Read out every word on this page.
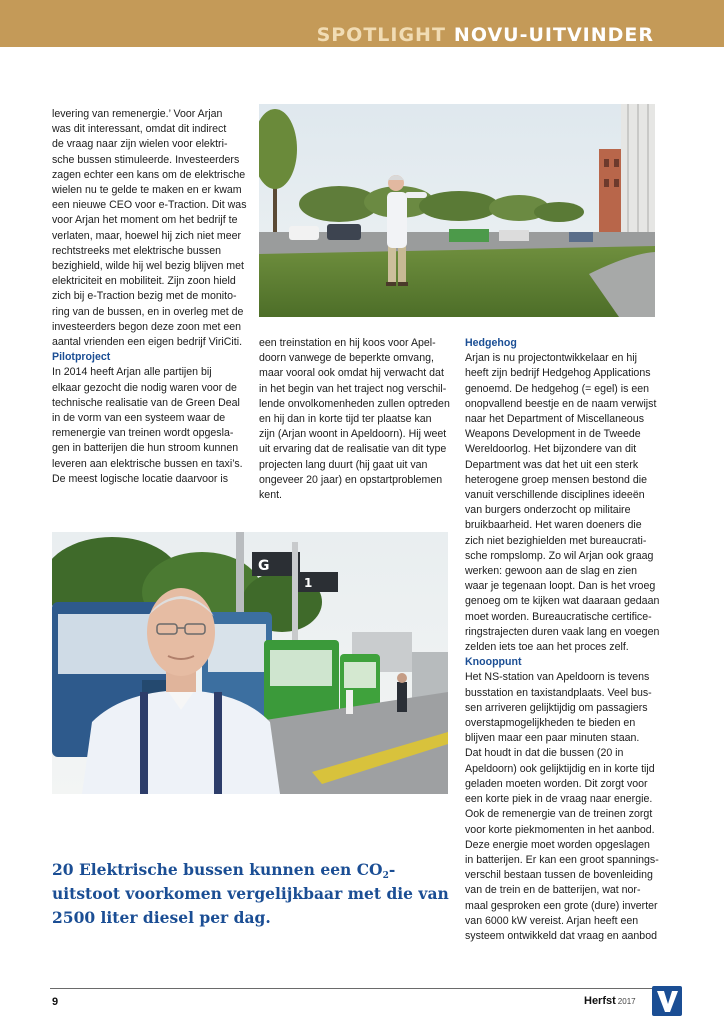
SPOTLIGHT NOVU-UITVINDER
levering van remenergie.’ Voor Arjan
was dit interessant, omdat dit indirect
de vraag naar zijn wielen voor elektri-
sche bussen stimuleerde. Investeerders
zagen echter een kans om de elektrische
wielen nu te gelde te maken en er kwam
een nieuwe CEO voor e-Traction. Dit was
voor Arjan het moment om het bedrijf te
verlaten, maar, hoewel hij zich niet meer
rechtstreeks met elektrische bussen
bezighield, wilde hij wel bezig blijven met
elektriciteit en mobiliteit. Zijn zoon hield
zich bij e-Traction bezig met de monito-
ring van de bussen, en in overleg met de
investeerders begon deze zoon met een
aantal vrienden een eigen bedrijf ViriCiti.

Pilotproject

In 2014 heeft Arjan alle partijen bij
elkaar gezocht die nodig waren voor de
technische realisatie van de Green Deal
in de vorm van een systeem waar de
remenergie van treinen wordt opgesla-
gen in batterijen die hun stroom kunnen
leveren aan elektrische bussen en taxi’s.
De meest logische locatie daarvoor is
een treinstation en hij koos voor Apel-
doorn vanwege de beperkte omvang,
maar vooral ook omdat hij verwacht dat
in het begin van het traject nog verschil-
lende onvolkomenheden zullen optreden
en hij dan in korte tijd ter plaatse kan
zijn (Arjan woont in Apeldoorn). Hij weet
uit ervaring dat de realisatie van dit type
projecten lang duurt (hij gaat uit van
ongeveer 20 jaar) en opstartproblemen
kent.

Hedgehog

Arjan is nu projectontwikkelaar en hij
heeft zijn bedrijf Hedgehog Applications
genoemd. De hedgehog (= egel) is een
onopvallend beestje en de naam verwijst
naar het Department of Miscellaneous
Weapons Development in de Tweede
Wereldoorlog. Het bijzondere van dit
Department was dat het uit een sterk
heterogene groep mensen bestond die
vanuit verschillende disciplines ideeën
van burgers onderzocht op militaire
bruikbaarheid. Het waren doeners die
zich niet bezighielden met bureaucrati-
sche rompslomp. Zo wil Arjan ook graag
werken: gewoon aan de slag en zien
waar je tegenaan loopt. Dan is het vroeg
genoeg om te kijken wat daaraan gedaan
moet worden. Bureaucratische certifice-
ringstrajecten duren vaak lang en voegen
zelden iets toe aan het proces zelf.

Knooppunt

Het NS-station van Apeldoorn is tevens
busstation en taxistandplaats. Veel bus-
sen arriveren gelijktijdig om passagiers
overstapmogelijkheden te bieden en
blijven maar een paar minuten staan.
Dat houdt in dat die bussen (20 in
Apeldoorn) ook gelijktijdig en in korte tijd
geladen moeten worden. Dit zorgt voor
een korte piek in de vraag naar energie.
Ook de remenergie van de treinen zorgt
voor korte piekmomenten in het aanbod.
Deze energie moet worden opgeslagen
in batterijen. Er kan een groot spannings-
verschil bestaan tussen de bovenleiding
van de trein en de batterijen, wat nor-
maal gesproken een grote (dure) inverter
van 6000 kW vereist. Arjan heeft een
systeem ontwikkeld dat vraag en aanbod
G
1
20 Elektrische bussen kunnen een $CO_2$-uitstoot voorkomen vergelijkbaar met die van 2500 liter diesel per dag.
9	Herfst 2017
